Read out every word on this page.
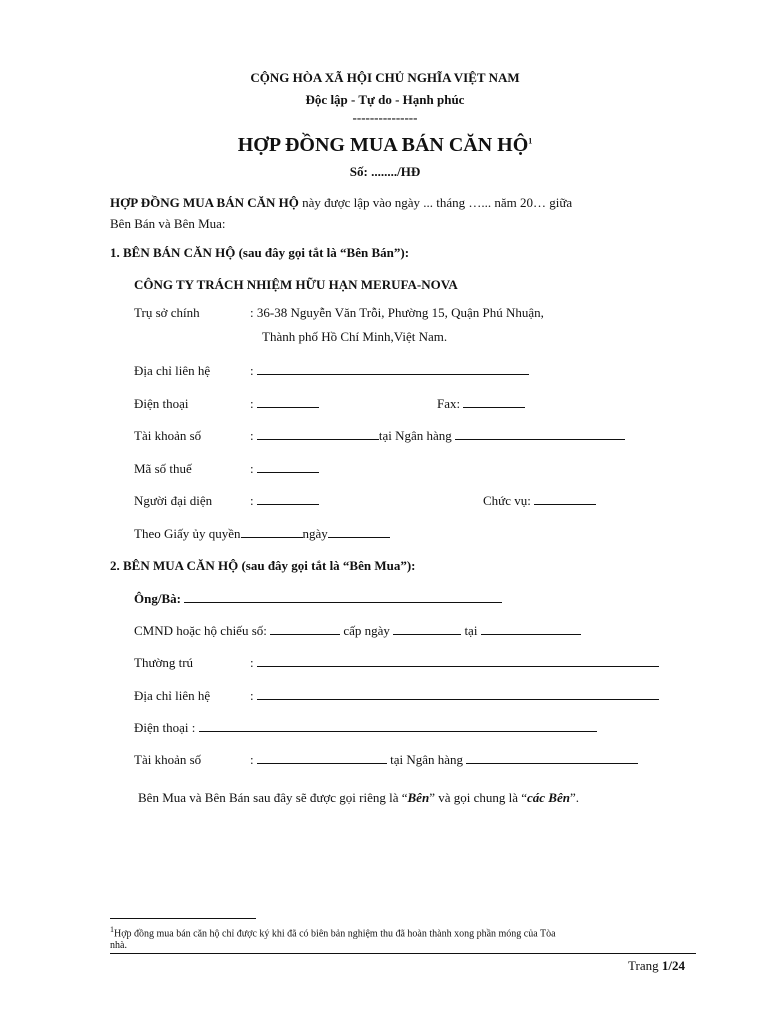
CỘNG HÒA XÃ HỘI CHỦ NGHĨA VIỆT NAM
Độc lập - Tự do - Hạnh phúc
---------------
HỢP ĐỒNG MUA BÁN CĂN HỘ$^1$
Số: ......../HĐ
HỢP ĐỒNG MUA BÁN CĂN HỘ này được lập vào ngày ... tháng …... năm 20… giữa
Bên Bán và Bên Mua:
1. BÊN BÁN CĂN HỘ (sau đây gọi tắt là “Bên Bán”):
CÔNG TY TRÁCH NHIỆM HỮU HẠN MERUFA-NOVA
Trụ sở chính	: 36-38 Nguyễn Văn Trỗi, Phường 15, Quận Phú Nhuận,
Thành phố Hồ Chí Minh,Việt Nam.
Địa chỉ liên hệ	:
Điện thoại	:	Fax:
Tài khoản số	:	tại Ngân hàng
Mã số thuế	:
Người đại diện	:	Chức vụ:
Theo Giấy ủy quyền	ngày
2. BÊN MUA CĂN HỘ (sau đây gọi tắt là “Bên Mua”):
Ông/Bà:
CMND hoặc hộ chiếu số:	cấp ngày	tại
Thường trú	:
Địa chỉ liên hệ	:
Điện thoại :
Tài khoản số	:	tại Ngân hàng
Bên Mua và Bên Bán sau đây sẽ được gọi riêng là “Bên” và gọi chung là “các Bên”.
$^1$Hợp đồng mua bán căn hộ chỉ được ký khi đã có biên bản nghiệm thu đã hoàn thành xong phần móng của Tòa
nhà.
Trang 1/24
